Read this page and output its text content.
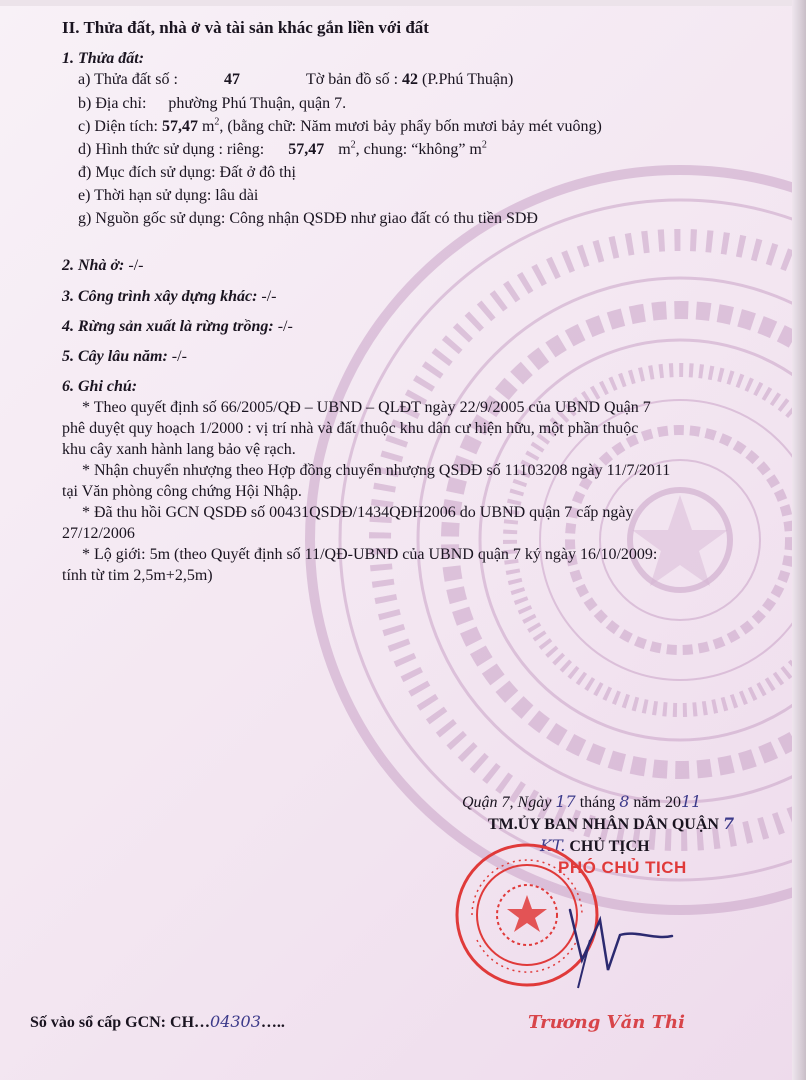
II. Thửa đất, nhà ở và tài sản khác gắn liền với đất
1. Thửa đất:
a) Thửa đất số :	47	Tờ bản đồ số : 42 (P.Phú Thuận)
b) Địa chỉ: phường Phú Thuận, quận 7.
c) Diện tích: 57,47 $m^2$, (bằng chữ: Năm mươi bảy phẩy bốn mươi bảy mét vuông)
d) Hình thức sử dụng : riêng: 57,47 $m^2$, chung: “không” $m^2$
đ) Mục đích sử dụng: Đất ở đô thị
e) Thời hạn sử dụng: lâu dài
g) Nguồn gốc sử dụng: Công nhận QSDĐ như giao đất có thu tiền SDĐ
2. Nhà ở: -/-
3. Công trình xây dựng khác: -/-
4. Rừng sản xuất là rừng trồng: -/-
5. Cây lâu năm: -/-
6. Ghi chú:
* Theo quyết định số 66/2005/QĐ – UBND – QLĐT ngày 22/9/2005 của UBND Quận 7
phê duyệt quy hoạch 1/2000 : vị trí nhà và đất thuộc khu dân cư hiện hữu, một phần thuộc
khu cây xanh hành lang bảo vệ rạch.
* Nhận chuyển nhượng theo Hợp đồng chuyển nhượng QSDĐ số 11103208 ngày 11/7/2011
tại Văn phòng công chứng Hội Nhập.
* Đã thu hồi GCN QSDĐ số 00431QSDĐ/1434QĐH2006 do UBND quận 7 cấp ngày
27/12/2006
* Lộ giới: 5m (theo Quyết định số 11/QĐ-UBND của UBND quận 7 ký ngày 16/10/2009:
tính từ tim 2,5m+2,5m)
Quận 7, Ngày 17 tháng 8 năm 2011
TM.ỦY BAN NHÂN DÂN QUẬN 7
KT. CHỦ TỊCH
PHÓ CHỦ TỊCH
Trương Văn Thi
Số vào sổ cấp GCN: CH…04303…..
